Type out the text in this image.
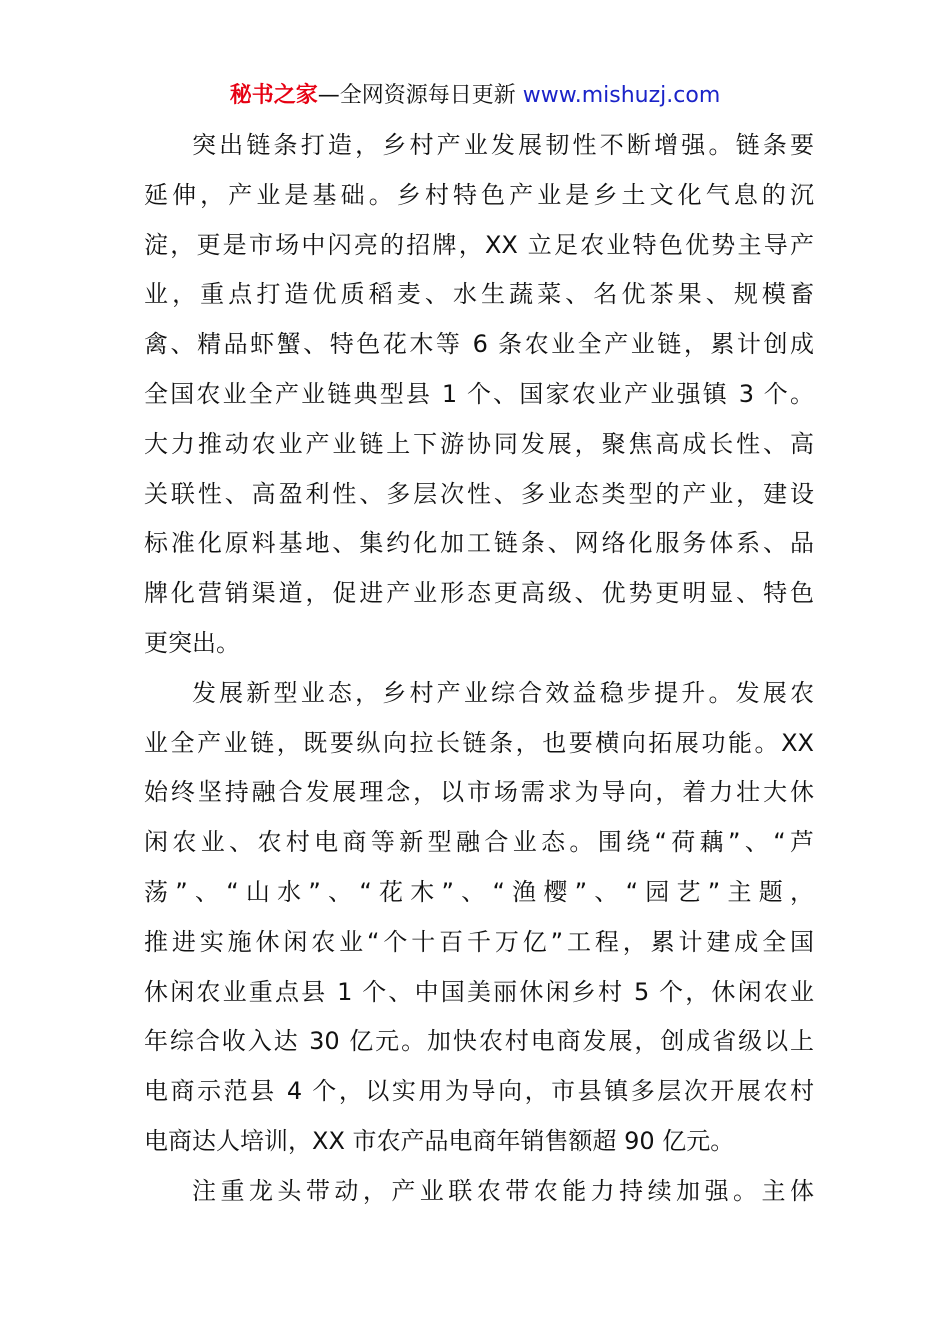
秘书之家—全网资源每日更新 www.mishuzj.com
突出链条打造，乡村产业发展韧性不断增强。链条要
延伸，产业是基础。乡村特色产业是乡土文化气息的沉
淀，更是市场中闪亮的招牌，XX 立足农业特色优势主导产
业，重点打造优质稻麦、水生蔬菜、名优茶果、规模畜
禽、精品虾蟹、特色花木等 6 条农业全产业链，累计创成
全国农业全产业链典型县 1 个、国家农业产业强镇 3 个。
大力推动农业产业链上下游协同发展，聚焦高成长性、高
关联性、高盈利性、多层次性、多业态类型的产业，建设
标准化原料基地、集约化加工链条、网络化服务体系、品
牌化营销渠道，促进产业形态更高级、优势更明显、特色
更突出。
发展新型业态，乡村产业综合效益稳步提升。发展农
业全产业链，既要纵向拉长链条，也要横向拓展功能。XX
始终坚持融合发展理念，以市场需求为导向，着力壮大休
闲农业、农村电商等新型融合业态。围绕“荷藕”、“芦
荡”、“山水”、“花木”、“渔樱”、“园艺”主题，
推进实施休闲农业“个十百千万亿”工程，累计建成全国
休闲农业重点县 1 个、中国美丽休闲乡村 5 个，休闲农业
年综合收入达 30 亿元。加快农村电商发展，创成省级以上
电商示范县 4 个，以实用为导向，市县镇多层次开展农村
电商达人培训，XX 市农产品电商年销售额超 90 亿元。
注重龙头带动，产业联农带农能力持续加强。主体
